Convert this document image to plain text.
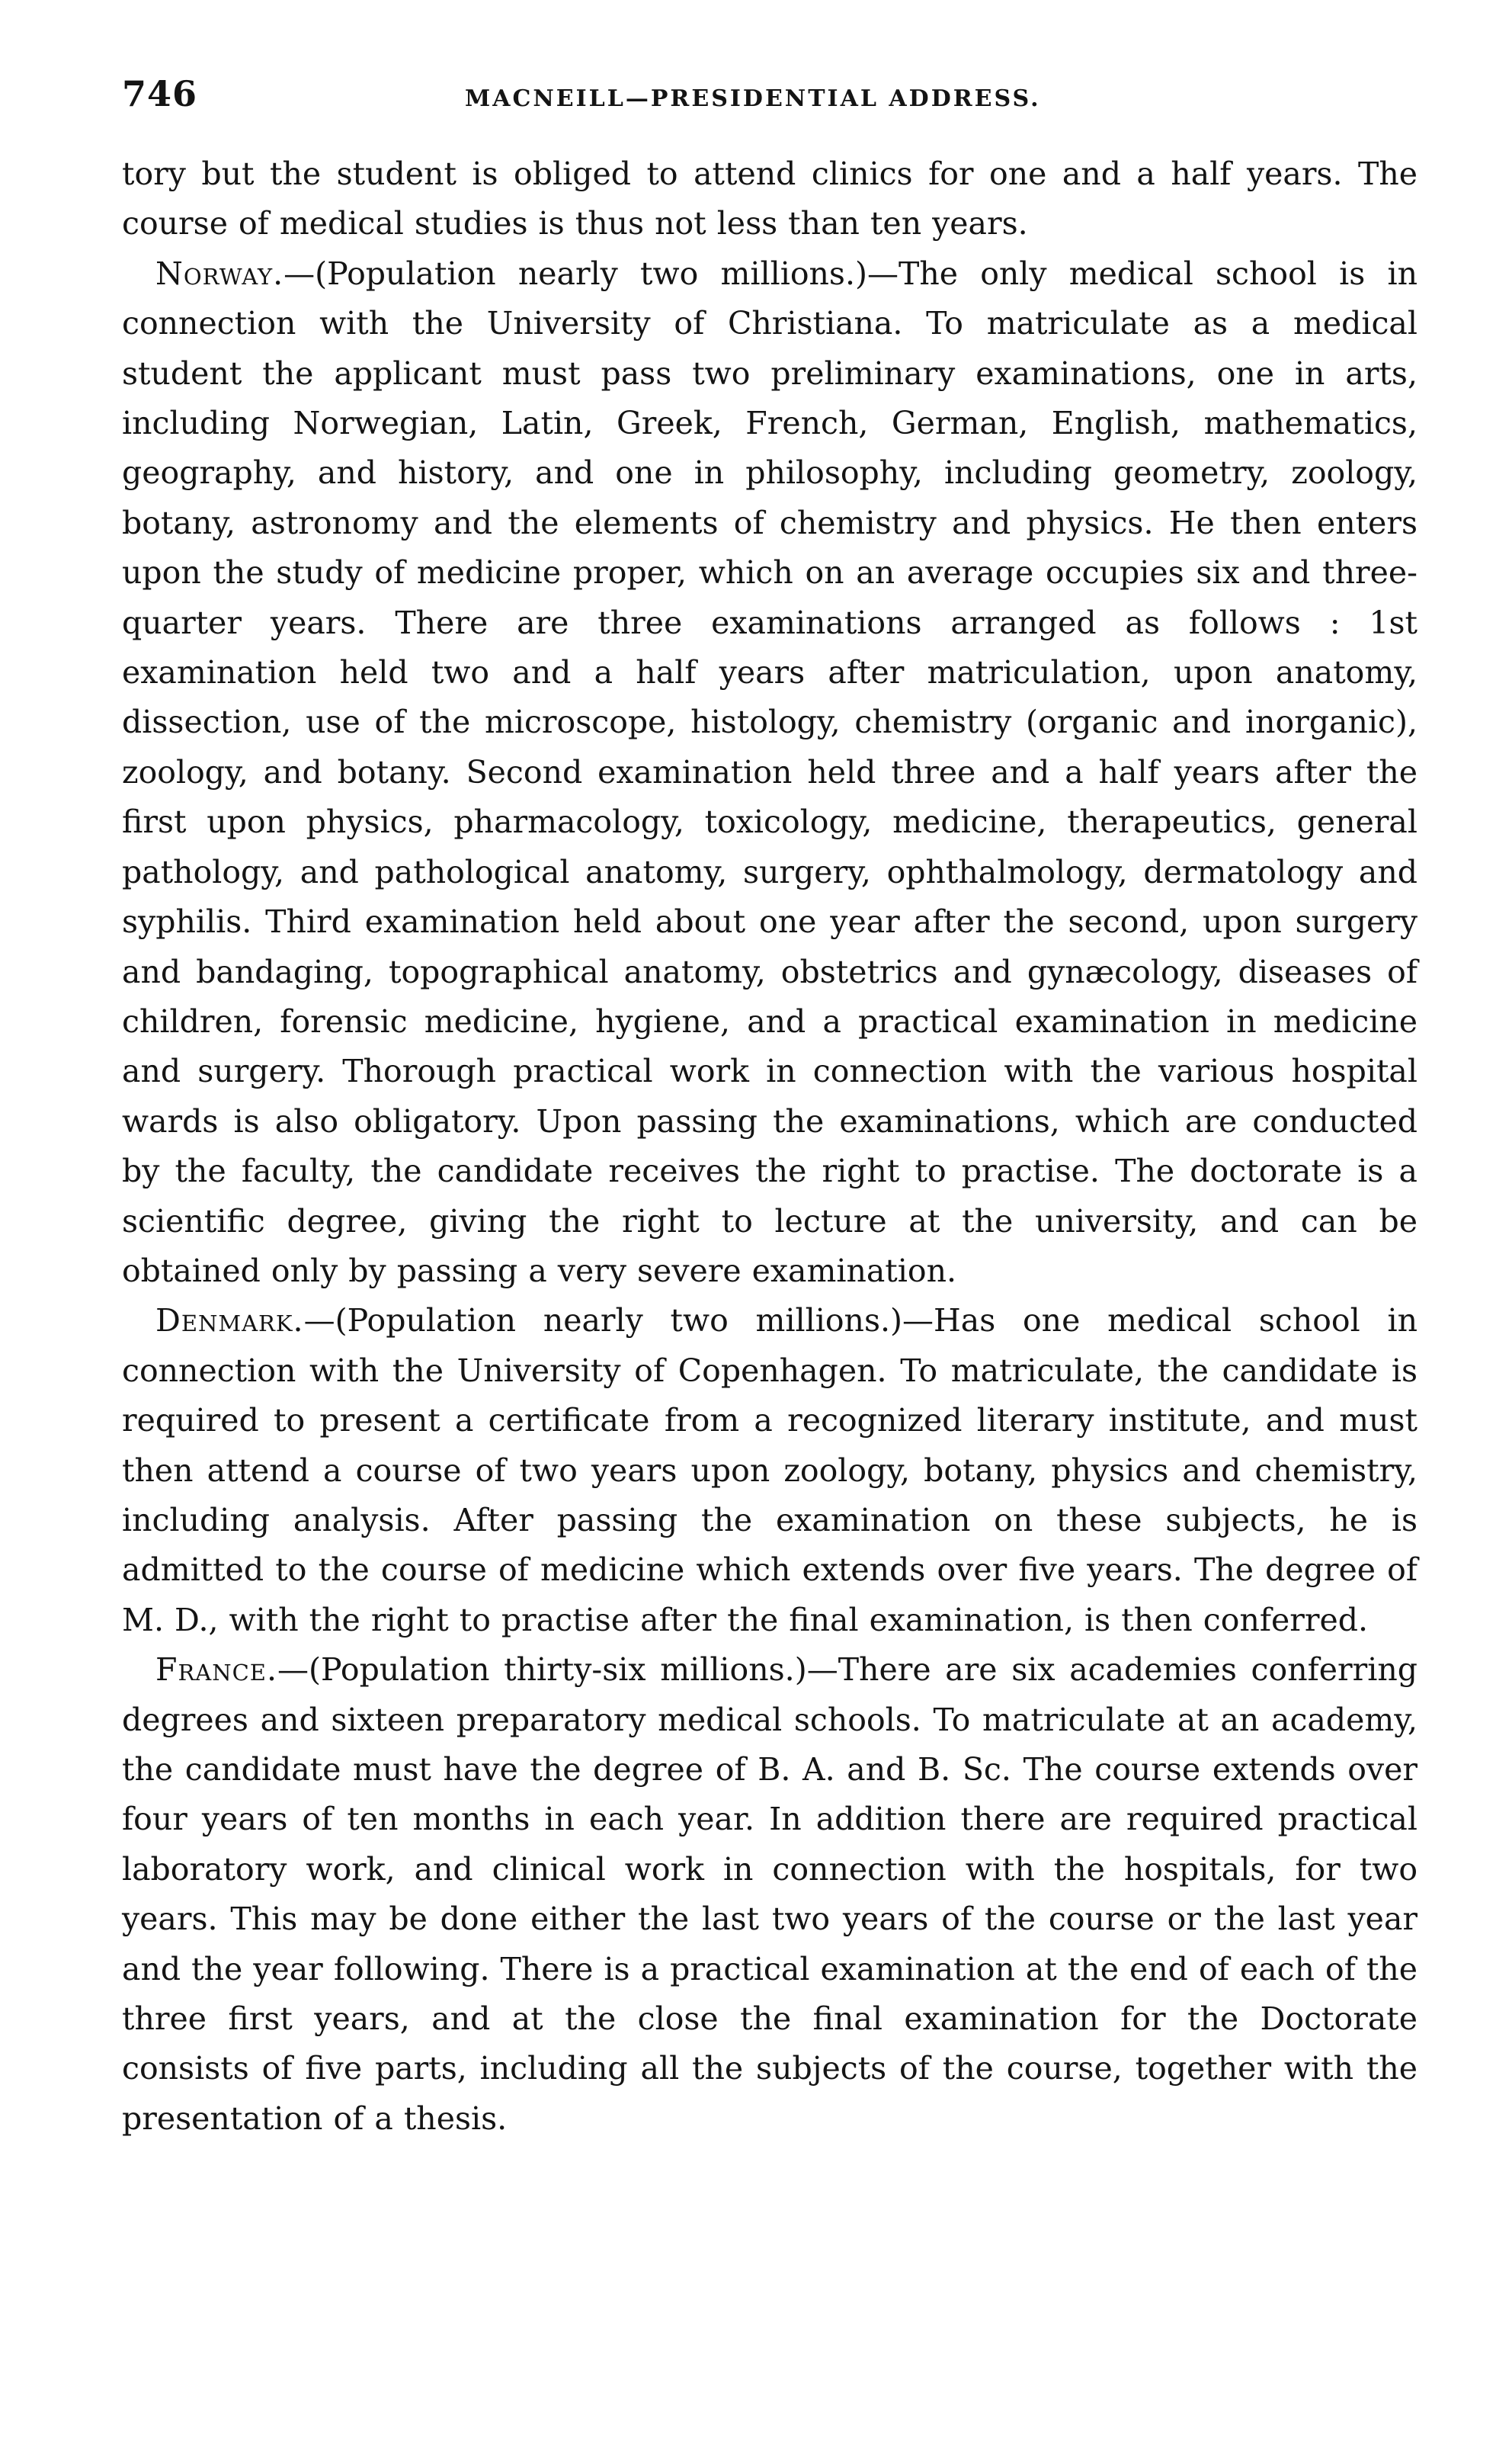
746	MACNEILL—PRESIDENTIAL ADDRESS.

tory but the student is obliged to attend clinics for one and a half years. The course of medical studies is thus not less than ten years.

Norway.—(Population nearly two millions.)—The only medical school is in connection with the University of Christiana. To matriculate as a medical student the applicant must pass two preliminary examinations, one in arts, including Norwegian, Latin, Greek, French, German, English, mathematics, geography, and history, and one in philosophy, including geometry, zoology, botany, astronomy and the elements of chemistry and physics. He then enters upon the study of medicine proper, which on an average occupies six and three-quarter years. There are three examinations arranged as follows : 1st examination held two and a half years after matriculation, upon anatomy, dissection, use of the microscope, histology, chemistry (organic and inorganic), zoology, and botany. Second examination held three and a half years after the first upon physics, pharmacology, toxicology, medicine, therapeutics, general pathology, and pathological anatomy, surgery, ophthalmology, dermatology and syphilis. Third examination held about one year after the second, upon surgery and bandaging, topographical anatomy, obstetrics and gynæcology, diseases of children, forensic medicine, hygiene, and a practical examination in medicine and surgery. Thorough practical work in connection with the various hospital wards is also obligatory. Upon passing the examinations, which are conducted by the faculty, the candidate receives the right to practise. The doctorate is a scientific degree, giving the right to lecture at the university, and can be obtained only by passing a very severe examination.

Denmark.—(Population nearly two millions.)—Has one medical school in connection with the University of Copenhagen. To matriculate, the candidate is required to present a certificate from a recognized literary institute, and must then attend a course of two years upon zoology, botany, physics and chemistry, including analysis. After passing the examination on these subjects, he is admitted to the course of medicine which extends over five years. The degree of M. D., with the right to practise after the final examination, is then conferred.

France.—(Population thirty-six millions.)—There are six academies conferring degrees and sixteen preparatory medical schools. To matriculate at an academy, the candidate must have the degree of B. A. and B. Sc. The course extends over four years of ten months in each year. In addition there are required practical laboratory work, and clinical work in connection with the hospitals, for two years. This may be done either the last two years of the course or the last year and the year following. There is a practical examination at the end of each of the three first years, and at the close the final examination for the Doctorate consists of five parts, including all the subjects of the course, together with the presentation of a thesis.
